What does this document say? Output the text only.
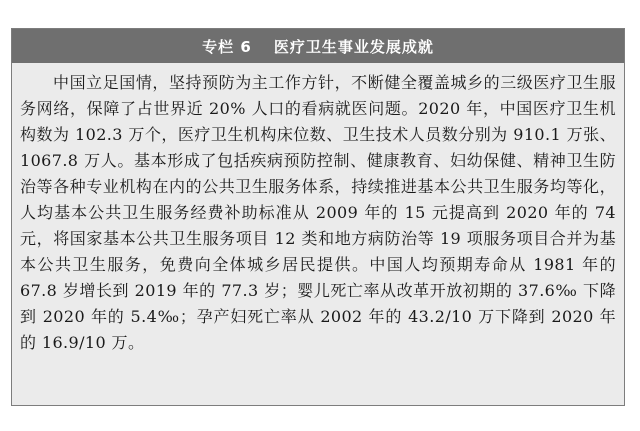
专栏 6 医疗卫生事业发展成就

中国立足国情，坚持预防为主工作方针，不断健全覆盖城乡的三级医疗卫生服务网络，保障了占世界近 20% 人口的看病就医问题。2020 年，中国医疗卫生机构数为 102.3 万个，医疗卫生机构床位数、卫生技术人员数分别为 910.1 万张、1067.8 万人。基本形成了包括疾病预防控制、健康教育、妇幼保健、精神卫生防治等各种专业机构在内的公共卫生服务体系，持续推进基本公共卫生服务均等化，人均基本公共卫生服务经费补助标准从 2009 年的 15 元提高到 2020 年的 74 元，将国家基本公共卫生服务项目 12 类和地方病防治等 19 项服务项目合并为基本公共卫生服务，免费向全体城乡居民提供。中国人均预期寿命从 1981 年的 67.8 岁增长到 2019 年的 77.3 岁；婴儿死亡率从改革开放初期的 37.6‰ 下降到 2020 年的 5.4‰；孕产妇死亡率从 2002 年的 43.2/10 万下降到 2020 年的 16.9/10 万。
